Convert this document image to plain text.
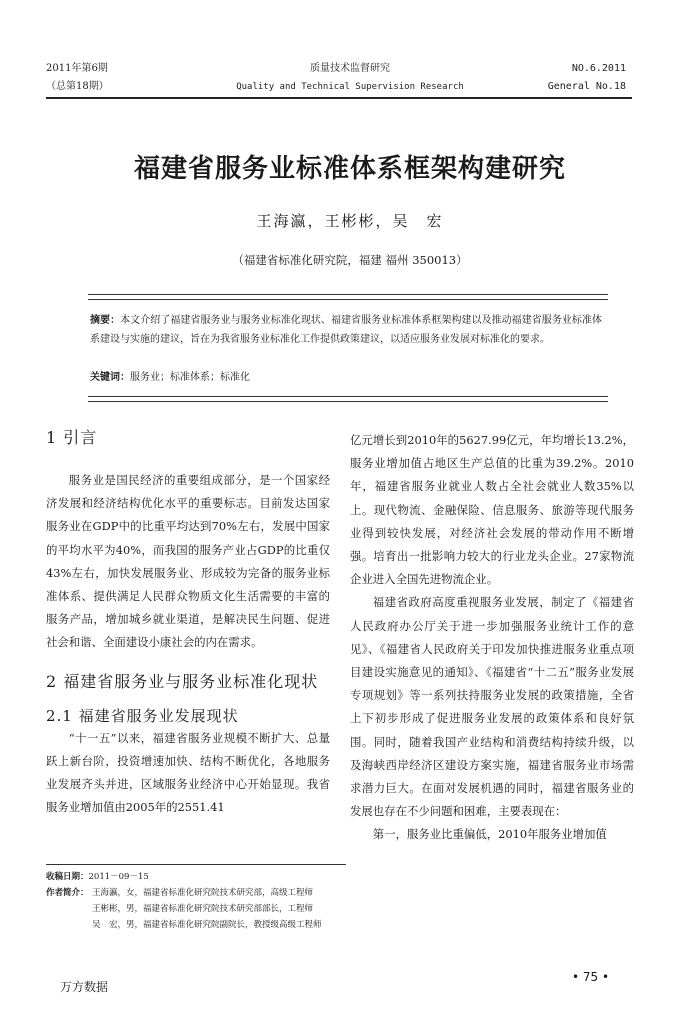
2011年第6期
（总第18期）
质量技术监督研究
Quality and Technical Supervision Research
NO.6.2011
General No.18
福建省服务业标准体系框架构建研究
王海瀛，王彬彬，吴　宏
（福建省标准化研究院，福建 福州 350013）
摘要：本文介绍了福建省服务业与服务业标准化现状、福建省服务业标准体系框架构建以及推动福建省服务业标准体系建设与实施的建议，旨在为我省服务业标准化工作提供政策建议，以适应服务业发展对标准化的要求。
关键词：服务业；标准体系；标准化
1 引言

服务业是国民经济的重要组成部分，是一个国家经济发展和经济结构优化水平的重要标志。目前发达国家服务业在GDP中的比重平均达到70%左右，发展中国家的平均水平为40%，而我国的服务产业占GDP的比重仅43%左右，加快发展服务业、形成较为完备的服务业标准体系、提供满足人民群众物质文化生活需要的丰富的服务产品，增加城乡就业渠道，是解决民生问题、促进社会和谐、全面建设小康社会的内在需求。

2 福建省服务业与服务业标准化现状
2.1 福建省服务业发展现状

“十一五”以来，福建省服务业规模不断扩大、总量跃上新台阶，投资增速加快、结构不断优化，各地服务业发展齐头并进，区域服务业经济中心开始显现。我省服务业增加值由2005年的2551.41

亿元增长到2010年的5627.99亿元，年均增长13.2%，服务业增加值占地区生产总值的比重为39.2%。2010年，福建省服务业就业人数占全社会就业人数35%以上。现代物流、金融保险、信息服务、旅游等现代服务业得到较快发展，对经济社会发展的带动作用不断增强。培育出一批影响力较大的行业龙头企业。27家物流企业进入全国先进物流企业。

福建省政府高度重视服务业发展，制定了《福建省人民政府办公厅关于进一步加强服务业统计工作的意见》、《福建省人民政府关于印发加快推进服务业重点项目建设实施意见的通知》、《福建省“十二五”服务业发展专项规划》等一系列扶持服务业发展的政策措施，全省上下初步形成了促进服务业发展的政策体系和良好氛围。同时，随着我国产业结构和消费结构持续升级，以及海峡西岸经济区建设方案实施，福建省服务业市场需求潜力巨大。在面对发展机遇的同时，福建省服务业的发展也存在不少问题和困难，主要表现在：

第一，服务业比重偏低，2010年服务业增加值

收稿日期：2011－09－15
作者简介： 王海瀛，女，福建省标准化研究院技术研究部，高级工程师
王彬彬，男，福建省标准化研究院技术研究部部长，工程师
吴　宏，男，福建省标准化研究院副院长，教授级高级工程师
万方数据
• 75 •
